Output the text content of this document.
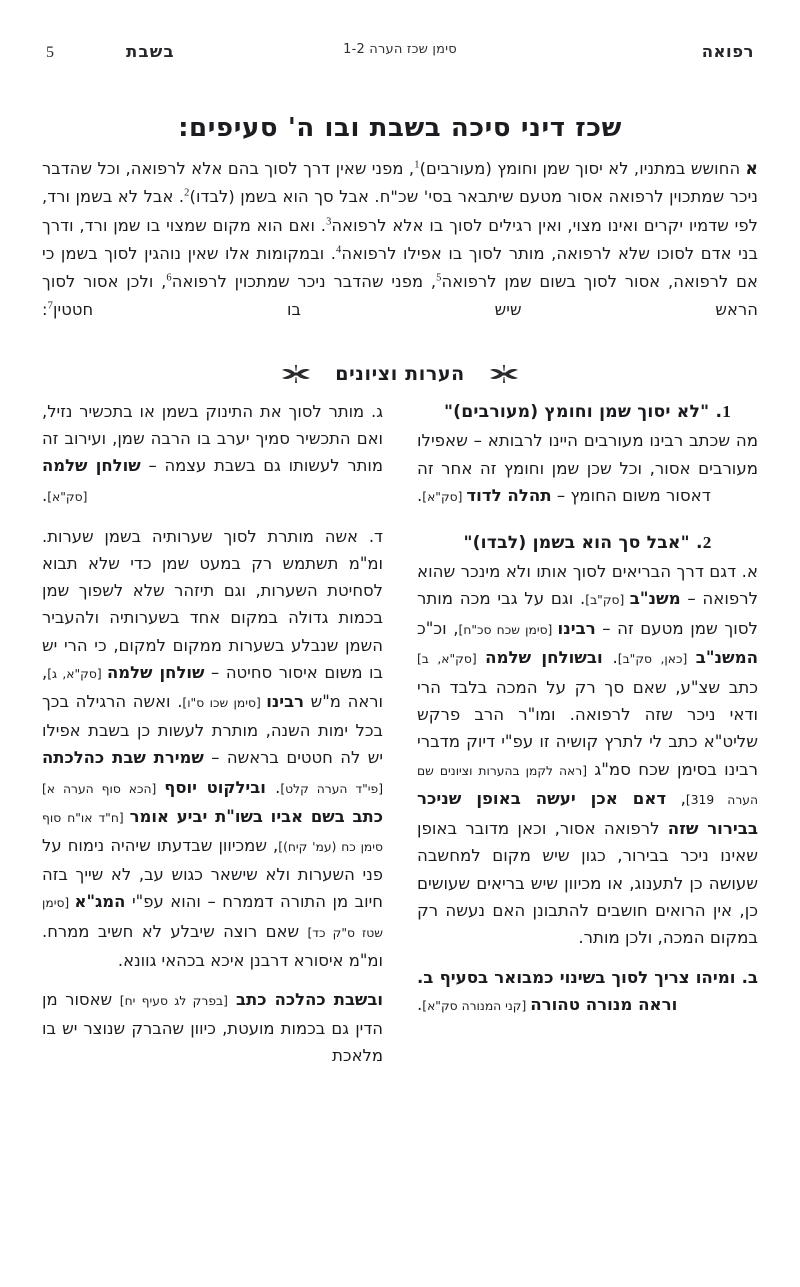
רפואה
סימן שכז הערה 1-2
בשבת
5
שכז דיני סיכה בשבת ובו ה' סעיפים:
א החושש במתניו, לא יסוך שמן וחומץ (מעורבים)$^1$, מפני שאין דרך לסוך בהם אלא לרפואה, וכל שהדבר ניכר שמתכוין לרפואה אסור מטעם שיתבאר בסי' שכ"ח. אבל סך הוא בשמן (לבדו)$^2$. אבל לא בשמן ורד, לפי שדמיו יקרים ואינו מצוי, ואין רגילים לסוך בו אלא לרפואה$^3$. ואם הוא מקום שמצוי בו שמן ורד, ודרך בני אדם לסוכו שלא לרפואה, מותר לסוך בו אפילו לרפואה$^4$. ובמקומות אלו שאין נוהגין לסוך בשמן כי אם לרפואה, אסור לסוך בשום שמן לרפואה$^5$, מפני שהדבר ניכר שמתכוין לרפואה$^6$, ולכן אסור לסוך הראש שיש בו חטטין$^7$:
הערות וציונים
1. ‏"לא יסוך שמן וחומץ (מעורבים)"

מה שכתב רבינו מעורבים היינו לרבותא – שאפילו מעורבים אסור, וכל שכן שמן וחומץ זה אחר זה דאסור משום החומץ – תהלה לדוד [סק"א].

2. ‏"אבל סך הוא בשמן (לבדו)"

א. דגם דרך הבריאים לסוך אותו ולא מינכר שהוא לרפואה – משנ"ב [סק"ב]. וגם על גבי מכה מותר לסוך שמן מטעם זה – רבינו [סימן שכח סכ"ח], וכ"כ המשנ"ב [כאן, סק"ב]. ובשולחן שלמה [סק"א, ב] כתב שצ"ע, שאם סך רק על המכה בלבד הרי ודאי ניכר שזה לרפואה. ומו"ר הרב פרקש שליט"א כתב לי לתרץ קושיה זו עפ"י דיוק מדברי רבינו בסימן שכח סמ"ג [ראה לקמן בהערות וציונים שם הערה 319], דאם אכן יעשה באופן שניכר בבירור שזה לרפואה אסור, וכאן מדובר באופן שאינו ניכר בבירור, כגון שיש מקום למחשבה שעושה כן לתענוג, או מכיוון שיש בריאים שעושים כן, אין הרואים חושבים להתבונן האם נעשה רק במקום המכה, ולכן מותר.

ב. ומיהו צריך לסוך בשינוי כמבואר בסעיף ב. וראה מנורה טהורה [קני המנורה סק"א].

ג. מותר לסוך את התינוק בשמן או בתכשיר נזיל, ואם התכשיר סמיך יערב בו הרבה שמן, ועירוב זה מותר לעשותו גם בשבת עצמה – שולחן שלמה [סק"א].

ד. אשה מותרת לסוך שערותיה בשמן שערות. ומ"מ תשתמש רק במעט שמן כדי שלא תבוא לסחיטת השערות, וגם תיזהר שלא לשפוך שמן בכמות גדולה במקום אחד בשערותיה ולהעביר השמן שנבלע בשערות ממקום למקום, כי הרי יש בו משום איסור סחיטה – שולחן שלמה [סק"א, ג], וראה מ"ש רבינו [סימן שכו ס"ו]. ואשה הרגילה בכך בכל ימות השנה, מותרת לעשות כן בשבת אפילו יש לה חטטים בראשה – שמירת שבת כהלכתה [פי"ד הערה קלט]. ובילקוט יוסף [הכא סוף הערה א] כתב בשם אביו בשו"ת יביע אומר [ח"ד או"ח סוף סימן כח (עמ' קיח)], שמכיוון שבדעתו שיהיה נימוח על פני השערות ולא שישאר כגוש עב, לא שייך בזה חיוב מן התורה דממרח – והוא עפ"י המג"א [סימן שטז ס"ק כד] שאם רוצה שיבלע לא חשיב ממרח. ומ"מ איסורא דרבנן איכא בכהאי גוונא.

ובשבת כהלכה כתב [בפרק לג סעיף יח] שאסור מן הדין גם בכמות מועטת, כיוון שהברק שנוצר יש בו מלאכת
